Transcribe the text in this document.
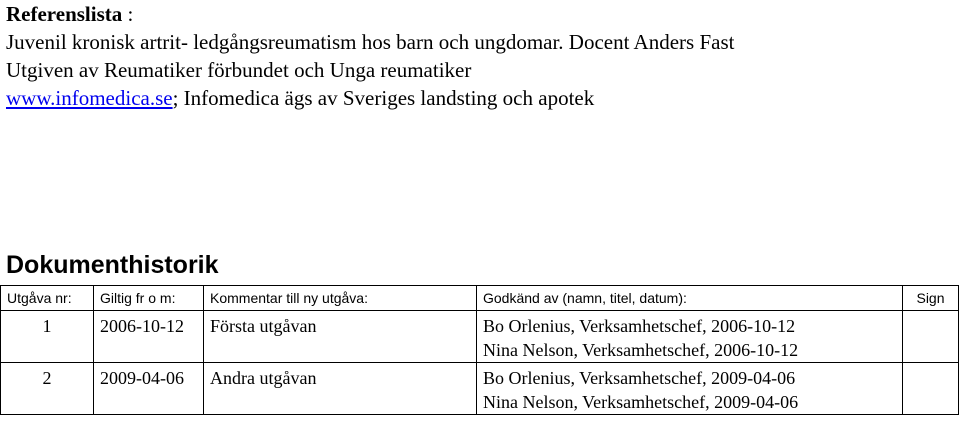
Referenslista :
Juvenil kronisk artrit- ledgångsreumatism hos barn och ungdomar. Docent Anders Fast
Utgiven av Reumatiker förbundet och Unga reumatiker
www.infomedica.se; Infomedica ägs av Sveriges landsting och apotek
Dokumenthistorik
Utgåva nr:	Giltig fr o m:	Kommentar till ny utgåva:	Godkänd av (namn, titel, datum):	Sign
1	2006-10-12	Första utgåvan	Bo Orlenius, Verksamhetschef, 2006-10-12
Nina Nelson, Verksamhetschef, 2006-10-12	

2	2009-04-06	Andra utgåvan	Bo Orlenius, Verksamhetschef, 2009-04-06
Nina Nelson, Verksamhetschef, 2009-04-06	
